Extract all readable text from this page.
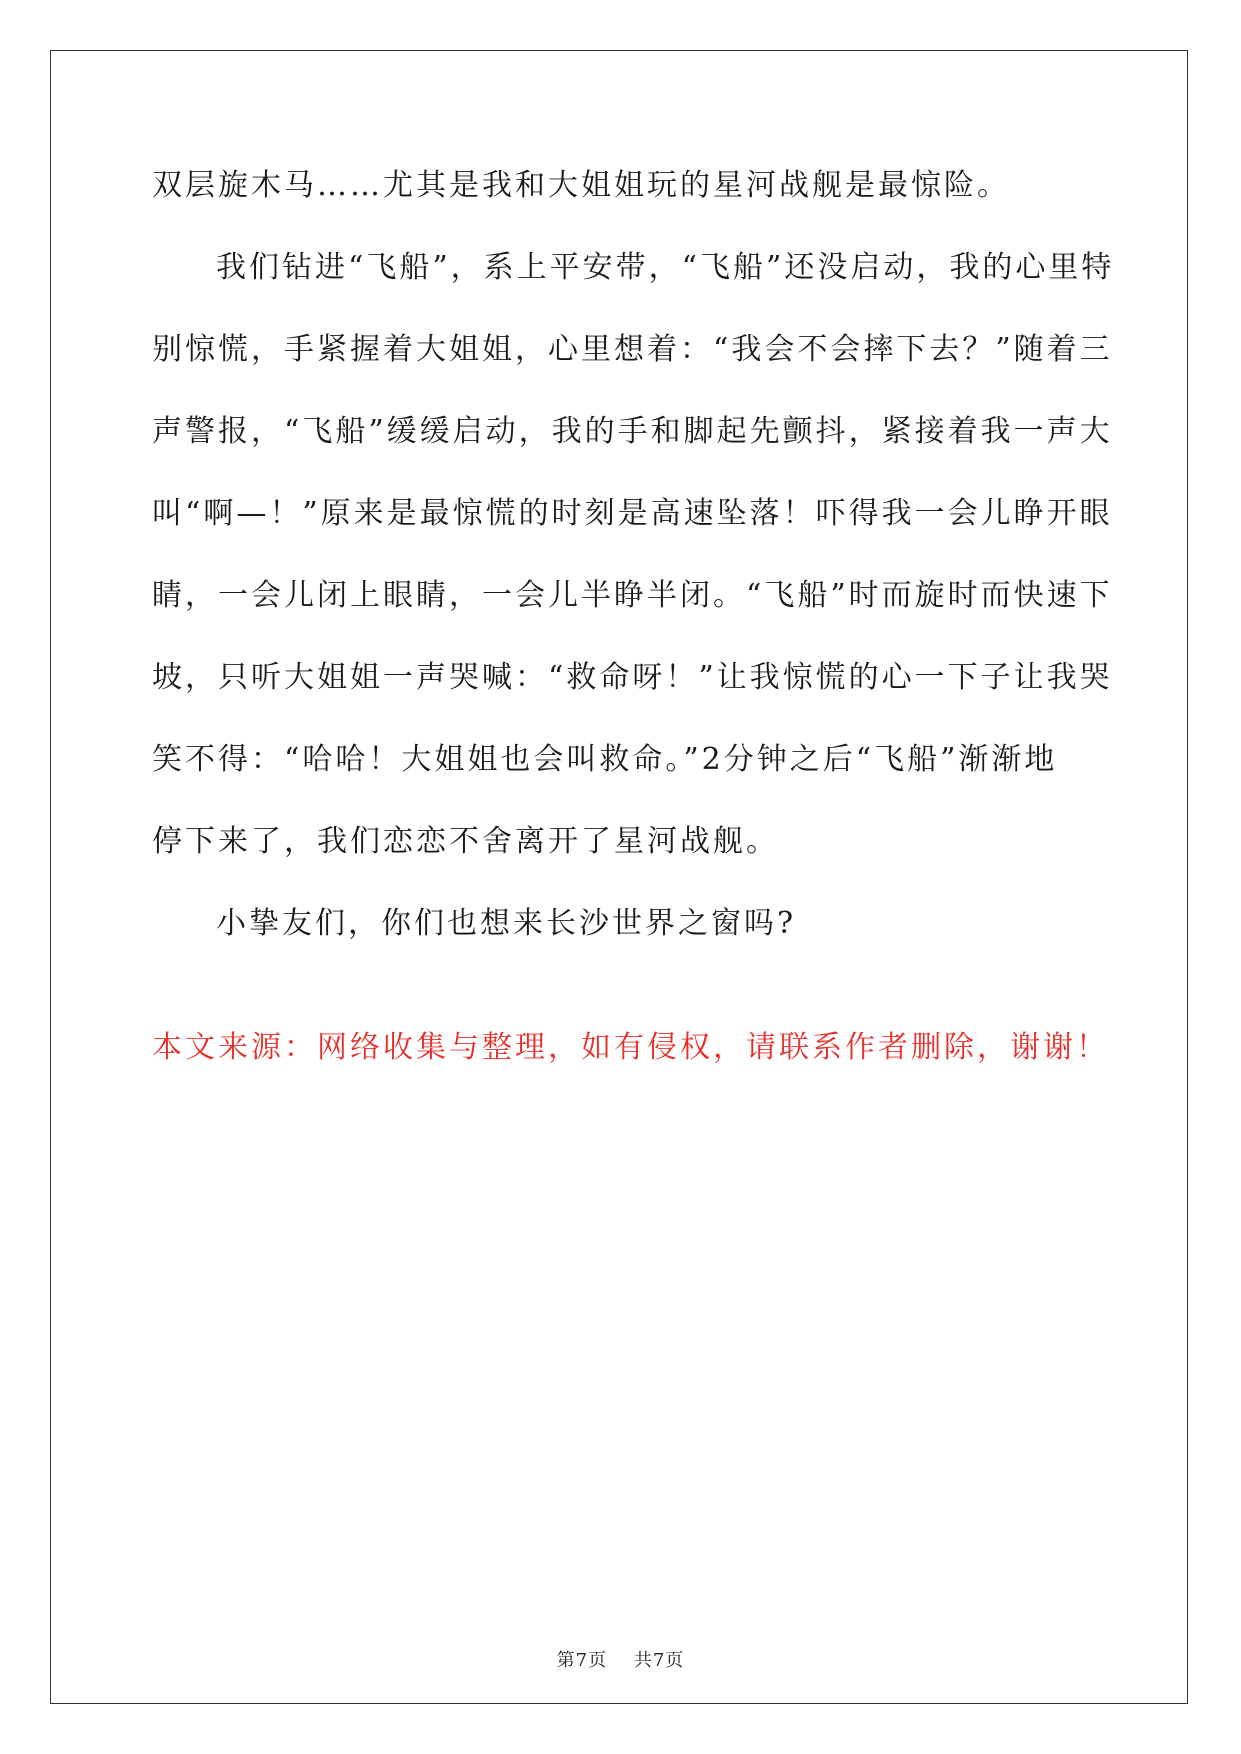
双层旋木马……尤其是我和大姐姐玩的星河战舰是最惊险。
我们钻进“飞船”，系上平安带，“飞船”还没启动，我的心里特
别惊慌，手紧握着大姐姐，心里想着：“我会不会摔下去？”随着三
声警报，“飞船”缓缓启动，我的手和脚起先颤抖，紧接着我一声大
叫“啊—！”原来是最惊慌的时刻是高速坠落！吓得我一会儿睁开眼
睛，一会儿闭上眼睛，一会儿半睁半闭。“飞船”时而旋时而快速下
坡，只听大姐姐一声哭喊：“救命呀！”让我惊慌的心一下子让我哭
笑不得：“哈哈！大姐姐也会叫救命。”2分钟之后“飞船”渐渐地
停下来了，我们恋恋不舍离开了星河战舰。
小挚友们，你们也想来长沙世界之窗吗?
本文来源：网络收集与整理，如有侵权，请联系作者删除，谢谢！
第7页 共7页
